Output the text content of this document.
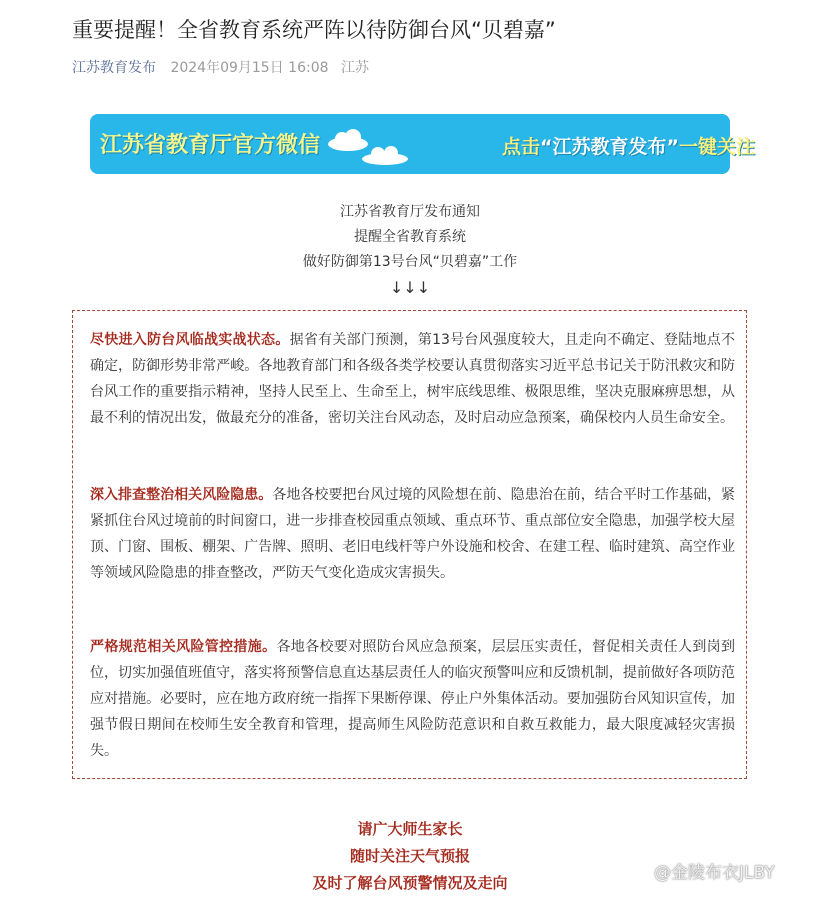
重要提醒！全省教育系统严阵以待防御台风“贝碧嘉”
江苏教育发布 2024年09月15日 16:08 江苏
江苏省教育厅官方微信	点击“江苏教育发布”一键关注
江苏省教育厅发布通知
提醒全省教育系统
做好防御第13号台风“贝碧嘉”工作
↓↓↓
尽快进入防台风临战实战状态。据省有关部门预测，第13号台风强度较大，且走向不确定、登陆地点不确定，防御形势非常严峻。各地教育部门和各级各类学校要认真贯彻落实习近平总书记关于防汛救灾和防台风工作的重要指示精神，坚持人民至上、生命至上，树牢底线思维、极限思维，坚决克服麻痹思想，从最不利的情况出发，做最充分的准备，密切关注台风动态，及时启动应急预案，确保校内人员生命安全。
深入排查整治相关风险隐患。各地各校要把台风过境的风险想在前、隐患治在前，结合平时工作基础，紧紧抓住台风过境前的时间窗口，进一步排查校园重点领域、重点环节、重点部位安全隐患，加强学校大屋顶、门窗、围板、棚架、广告牌、照明、老旧电线杆等户外设施和校舍、在建工程、临时建筑、高空作业等领域风险隐患的排查整改，严防天气变化造成灾害损失。
严格规范相关风险管控措施。各地各校要对照防台风应急预案，层层压实责任，督促相关责任人到岗到位，切实加强值班值守，落实将预警信息直达基层责任人的临灾预警叫应和反馈机制，提前做好各项防范应对措施。必要时，应在地方政府统一指挥下果断停课、停止户外集体活动。要加强防台风知识宣传，加强节假日期间在校师生安全教育和管理，提高师生风险防范意识和自救互救能力，最大限度减轻灾害损失。
请广大师生家长
随时关注天气预报
及时了解台风预警情况及走向	@金陵布衣JLBY
